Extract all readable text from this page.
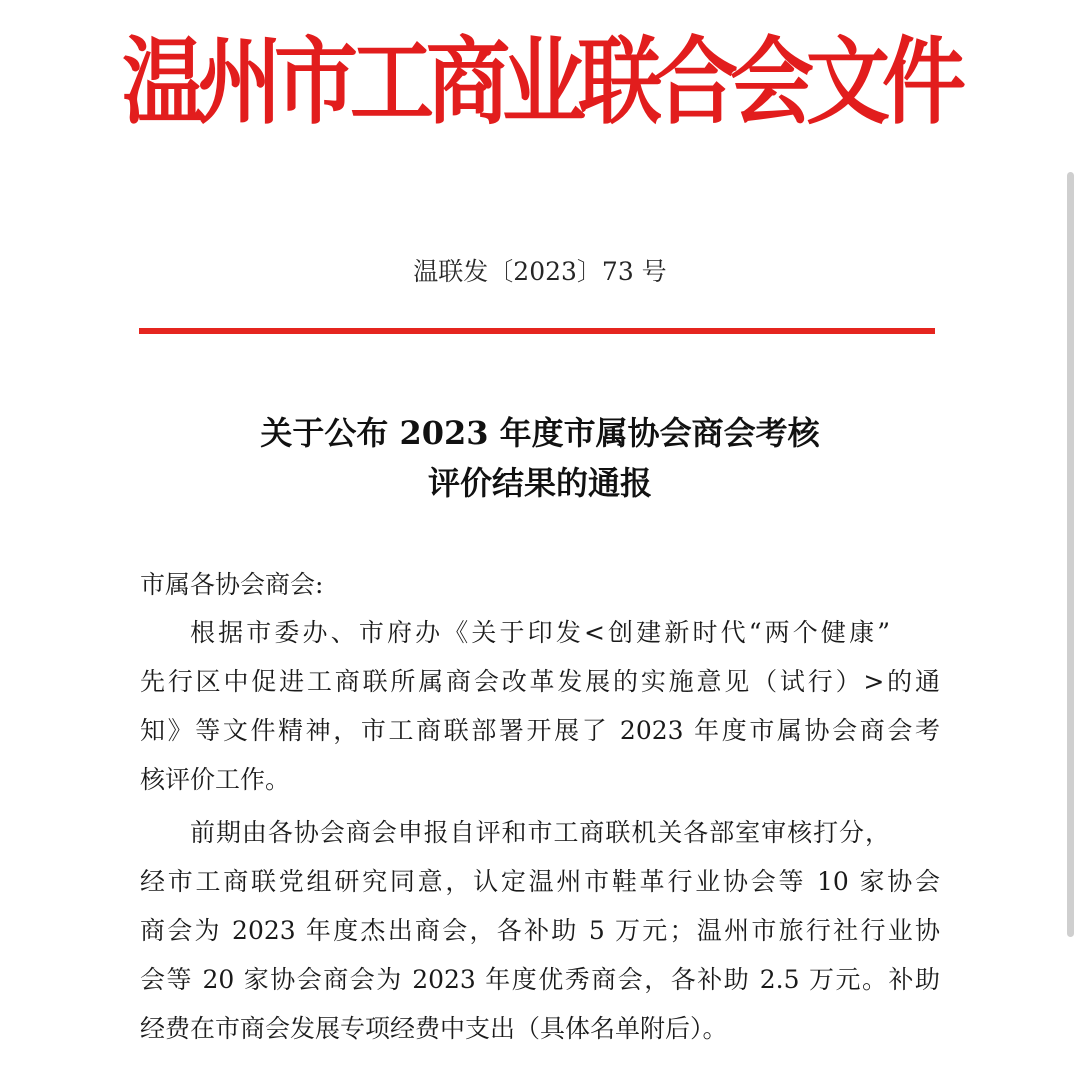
温州市工商业联合会文件
温联发〔2023〕73 号
关于公布 2023 年度市属协会商会考核
评价结果的通报
市属各协会商会:
根据市委办、市府办《关于印发<创建新时代“两个健康”
先行区中促进工商联所属商会改革发展的实施意见（试行）>的通
知》等文件精神，市工商联部署开展了 2023 年度市属协会商会考
核评价工作。
前期由各协会商会申报自评和市工商联机关各部室审核打分，
经市工商联党组研究同意，认定温州市鞋革行业协会等 10 家协会
商会为 2023 年度杰出商会，各补助 5 万元；温州市旅行社行业协
会等 20 家协会商会为 2023 年度优秀商会，各补助 2.5 万元。补助
经费在市商会发展专项经费中支出（具体名单附后）。
